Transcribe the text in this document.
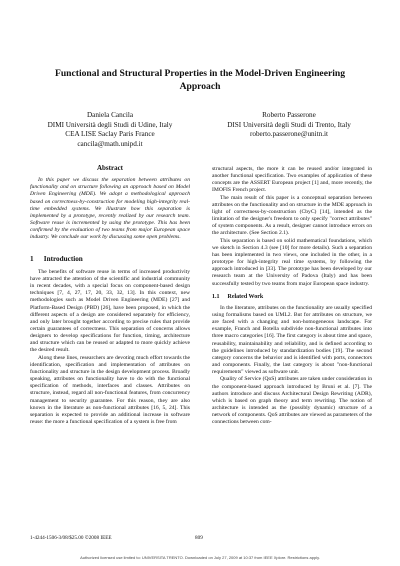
Functional and Structural Properties in the Model-Driven Engineering
Approach
Daniela Cancila
DIMI Università degli Studi di Udine, Italy
CEA LISE Saclay Paris France
cancila@math.unipd.it
Roberto Passerone
DISI Università degli Studi di Trento, Italy
roberto.passerone@unitn.it
Abstract

In this paper we discuss the separation between attributes on functionality and on structure following an approach based on Model Driven Engineering (MDE). We adopt a methodological approach based on correctness-by-construction for modeling high-integrity real-time embedded systems. We illustrate how this separation is implemented by a prototype, recently realized by our research team. Software reuse is incremented by using the prototype. This has been confirmed by the evaluation of two teams from major European space industry. We conclude our work by discussing some open problems.

1 Introduction

The benefits of software reuse in terms of increased productivity have attracted the attention of the scientific and industrial community in recent decades, with a special focus on component-based design techniques [7, 4, 27, 17, 20, 33, 32, 13]. In this context, new methodologies such as Model Driven Engineering (MDE) [27] and Platform-Based Design (PBD) [26], have been proposed, in which the different aspects of a design are considered separately for efficiency, and only later brought together according to precise rules that provide certain guarantees of correctness. This separation of concerns allows designers to develop specifications for function, timing, architecture and structure which can be reused or adapted to more quickly achieve the desired result.

Along these lines, researchers are devoting much effort towards the identification, specification and implementation of attributes on functionality and structure in the design development process. Broadly speaking, attributes on functionality have to do with the functional specification of methods, interfaces and classes. Attributes on structure, instead, regard all non-functional features, from concurrency management to security guarantee. For this reason, they are also known in the literature as non-functional attributes [16, 5, 24]. This separation is expected to provide an additional increase in software reuse: the more a functional specification of a system is free from

structural aspects, the more it can be reused and/or integrated in another functional specification. Two examples of application of these concepts are the ASSERT European project [1] and, more recently, the IMOFIS French project.

The main result of this paper is a conceptual separation between attributes on the functionality and on structure in the MDE approach in light of correctness-by-construction (CbyC) [14], intended as the limitation of the designer's freedom to only specify "correct attributes" of system components. As a result, designer cannot introduce errors on the architecture. (See Section 2.1).

This separation is based on solid mathematical foundations, which we sketch in Section 4.3 (see [10] for more details). Such a separation has been implemented in two views, one included in the other, in a prototype for high-integrity real time systems, by following the approach introduced in [33]. The prototype has been developed by our research team at the University of Padova (Italy) and has been successfully tested by two teams from major European space industry.

1.1 Related Work

In the literature, attributes on the functionality are usually specified using formalisms based on UML2. But for attributes on structure, we are faced with a changing and non-homogeneous landscape. For example, Franch and Botella subdivide non-functional attributes into three macro categories [16]. The first category is about time and space, reusability, maintainability and reliability, and is defined according to the guidelines introduced by standardization bodies [19]. The second category concerns the behavior and is identified with ports, connectors and components. Finally, the last category is about "non-functional requirements" viewed as software unit.

Quality of Service (QoS) attributes are taken under consideration in the component-based approach introduced by Bruni et al. [7]. The authors introduce and discuss Architectural Design Rewriting (ADR), which is based on graph theory and term rewriting. The notion of architecture is intended as the (possibly dynamic) structure of a network of components. QoS attributes are viewed as parameters of the connections between com-

1-4244-1506-3/08/$25.00 ©2008 IEEE	809
Authorized licensed use limited to: UNIVERSITA TRENTO. Downloaded on July 27, 2009 at 10:37 from IEEE Xplore. Restrictions apply.
